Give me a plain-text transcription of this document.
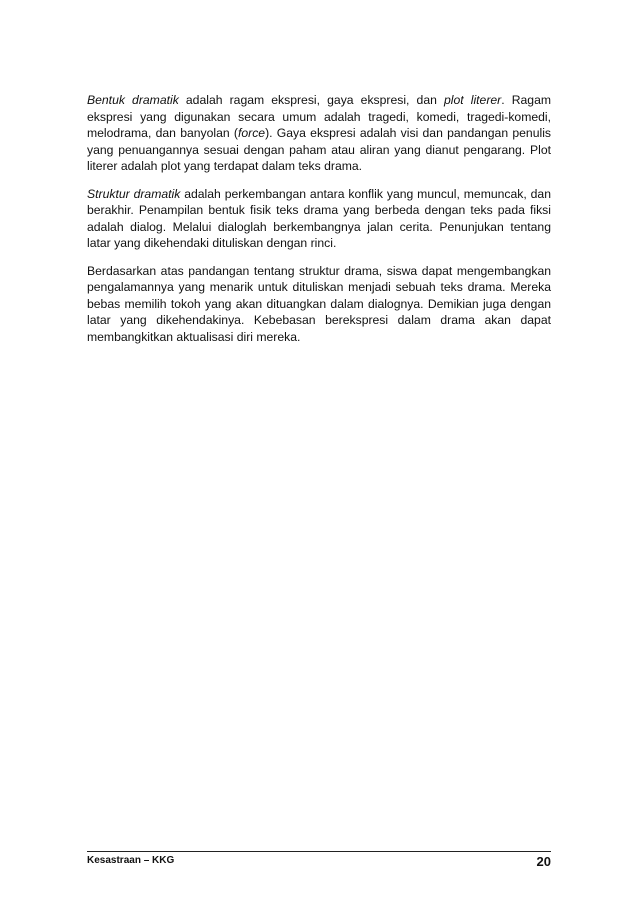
Bentuk dramatik adalah ragam ekspresi, gaya ekspresi, dan plot literer. Ragam ekspresi yang digunakan secara umum adalah tragedi, komedi, tragedi-komedi, melodrama, dan banyolan (force). Gaya ekspresi adalah visi dan pandangan penulis yang penuangannya sesuai dengan paham atau aliran yang dianut pengarang. Plot literer adalah plot yang terdapat dalam teks drama.

Struktur dramatik adalah perkembangan antara konflik yang muncul, memuncak, dan berakhir. Penampilan bentuk fisik teks drama yang berbeda dengan teks pada fiksi adalah dialog. Melalui dialoglah berkembangnya jalan cerita. Penunjukan tentang latar yang dikehendaki dituliskan dengan rinci.

Berdasarkan atas pandangan tentang struktur drama, siswa dapat mengembangkan pengalamannya yang menarik untuk dituliskan menjadi sebuah teks drama. Mereka bebas memilih tokoh yang akan dituangkan dalam dialognya. Demikian juga dengan latar yang dikehendakinya. Kebebasan berekspresi dalam drama akan dapat membangkitkan aktualisasi diri mereka.

Kesastraan – KKG	20
